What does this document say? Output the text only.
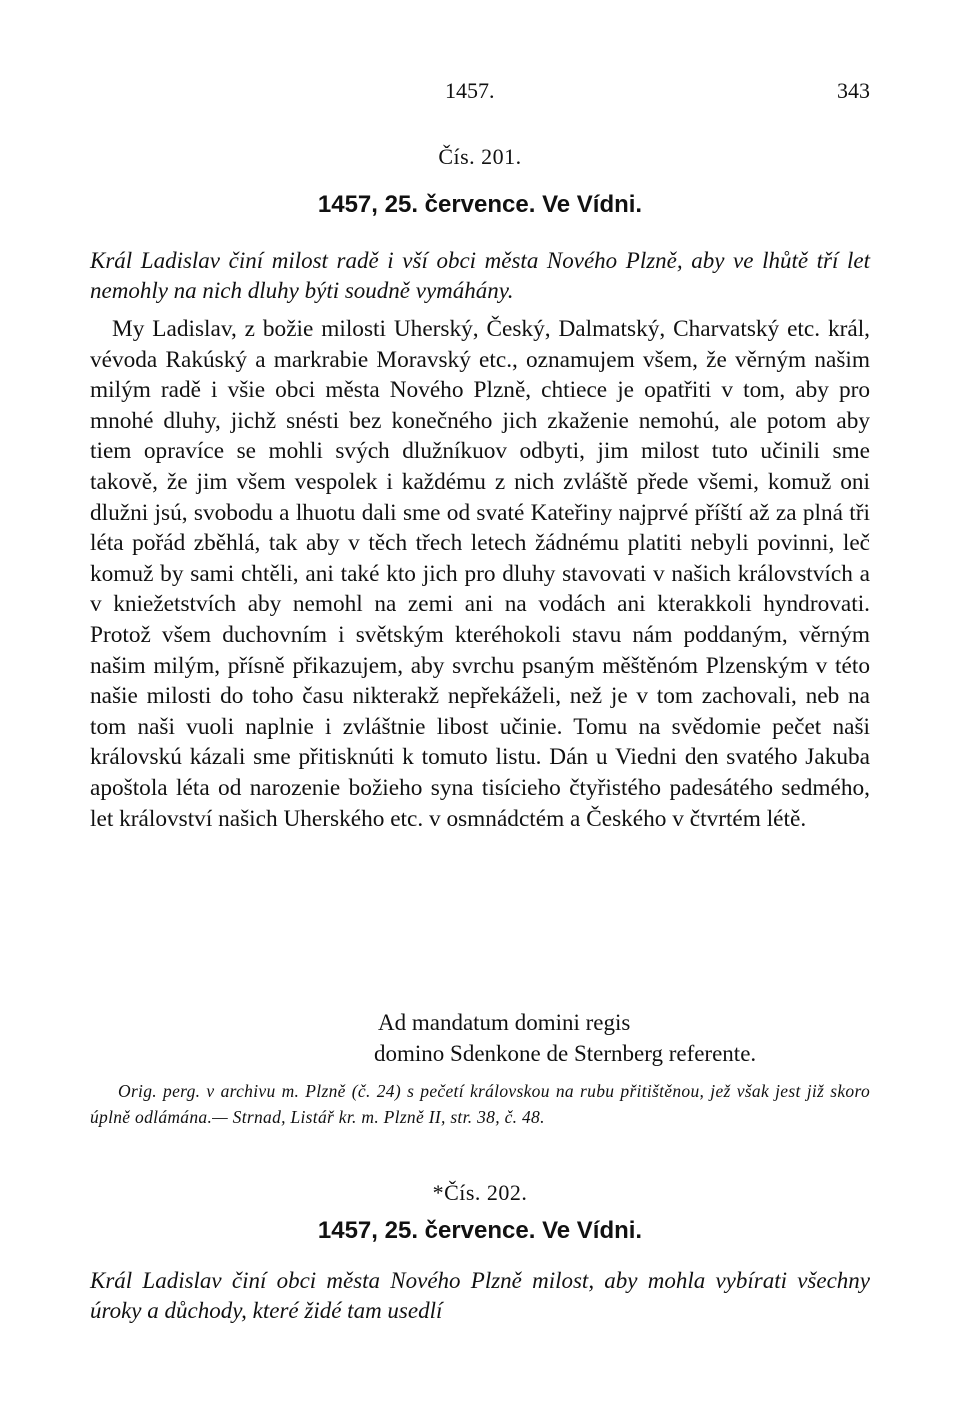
1457.	343
Čís. 201.
1457, 25. července. Ve Vídni.

Král Ladislav činí milost radě i vší obci města Nového Plzně, aby ve lhůtě tří let nemohly na nich dluhy býti soudně vymáhány.

My Ladislav, z božie milosti Uherský, Český, Dalmatský, Charvatský etc. král, vévoda Rakúský a markrabie Moravský etc., oznamujem všem, že věrným našim milým radě i všie obci města Nového Plzně, chtiece je opatřiti v tom, aby pro mnohé dluhy, jichž snésti bez konečného jich zkaženie nemohú, ale potom aby tiem opravíce se mohli svých dlužníkuov odbyti, jim milost tuto učinili sme takově, že jim všem vespolek i každému z nich zvláště přede všemi, komuž oni dlužni jsú, svobodu a lhuotu dali sme od svaté Kateřiny najprvé příští až za plná tři léta pořád zběhlá, tak aby v těch třech letech žádnému platiti nebyli povinni, leč komuž by sami chtěli, ani také kto jich pro dluhy stavovati v našich královstvích a v kniežetstvích aby nemohl na zemi ani na vodách ani kterakkoli hyndrovati. Protož všem duchovním i světským kteréhokoli stavu nám poddaným, věrným našim milým, přísně přikazujem, aby svrchu psaným měštěnóm Plzenským v této našie milosti do toho času nikterakž nepřekáželi, než je v tom zachovali, neb na tom naši vuoli naplnie i zvláštnie libost učinie. Tomu na svědomie pečet naši královskú kázali sme přitisknúti k tomuto listu. Dán u Viedni den svatého Jakuba apoštola léta od narozenie božieho syna tisícieho čtyřistého padesátého sedmého, let království našich Uherského etc. v osmnádctém a Českého v čtvrtém létě.

Ad mandatum domini regis
domino Sdenkone de Sternberg referente.

Orig. perg. v archivu m. Plzně (č. 24) s pečetí královskou na rubu přitištěnou, jež však jest již skoro úplně odlámána.— Strnad, Listář kr. m. Plzně II, str. 38, č. 48.

*Čís. 202.
1457, 25. července. Ve Vídni.

Král Ladislav činí obci města Nového Plzně milost, aby mohla vybírati všechny úroky a důchody, které židé tam usedlí
